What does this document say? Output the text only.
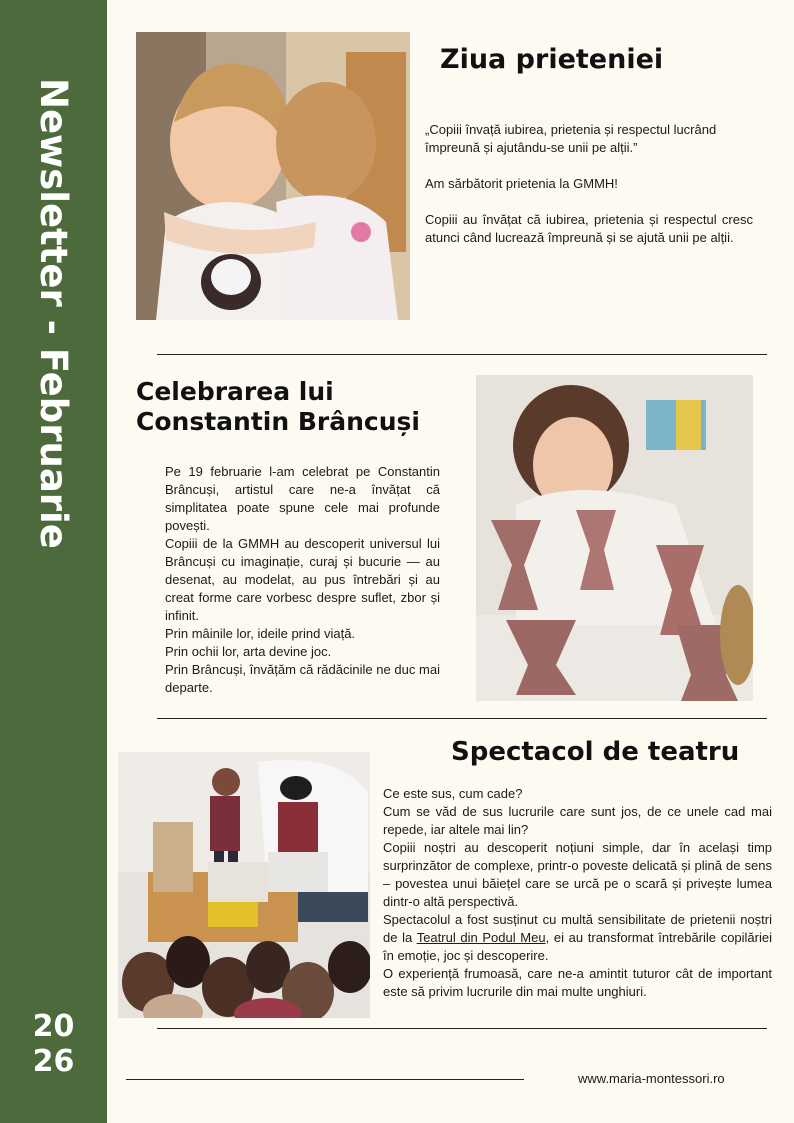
Newsletter - Februarie
20
26
Ziua prieteniei

„Copiii învață iubirea, prietenia și respectul lucrând împreună și ajutându-se unii pe alții.”

Am sărbătorit prietenia la GMMH!

Copiii au învățat că iubirea, prietenia și respectul cresc atunci când lucrează împreună și se ajută unii pe alții.

Celebrarea lui
Constantin Brâncuși

Pe 19 februarie l-am celebrat pe Constantin Brâncuși, artistul care ne-a învățat că simplitatea poate spune cele mai profunde povești.

Copiii de la GMMH au descoperit universul lui Brâncuși cu imaginație, curaj și bucurie — au desenat, au modelat, au pus întrebări și au creat forme care vorbesc despre suflet, zbor și infinit.

Prin mâinile lor, ideile prind viață.

Prin ochii lor, arta devine joc.

Prin Brâncuși, învățăm că rădăcinile ne duc mai departe.

Spectacol de teatru

Ce este sus, cum cade?

Cum se văd de sus lucrurile care sunt jos, de ce unele cad mai repede, iar altele mai lin?

Copiii noștri au descoperit noțiuni simple, dar în același timp surprinzător de complexe, printr-o poveste delicată și plină de sens – povestea unui băiețel care se urcă pe o scară și privește lumea dintr-o altă perspectivă.

Spectacolul a fost susținut cu multă sensibilitate de prietenii noștri de la Teatrul din Podul Meu, ei au transformat întrebările copilăriei în emoție, joc și descoperire.

O experiență frumoasă, care ne-a amintit tuturor cât de important este să privim lucrurile din mai multe unghiuri.

www.maria-montessori.ro
